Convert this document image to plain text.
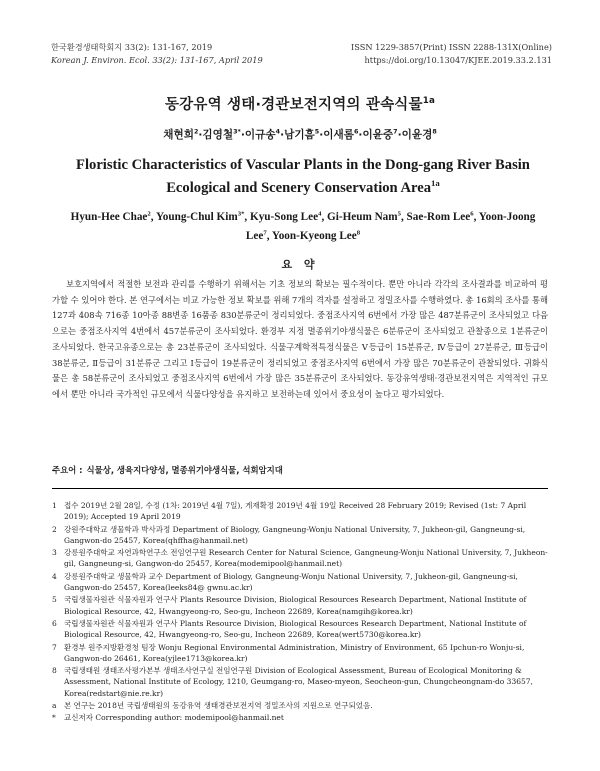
한국환경생태학회지 33(2): 131-167, 2019
Korean J. Environ. Ecol. 33(2): 131-167, April 2019
ISSN 1229-3857(Print) ISSN 2288-131X(Online)
https://doi.org/10.13047/KJEE.2019.33.2.131
동강유역 생태·경관보전지역의 관속식물$^{1a}$
채현희$^2$·김영철$^{3*}$·이규송$^4$·남기흠$^5$·이새롬$^6$·이윤중$^7$·이윤경$^8$
Floristic Characteristics of Vascular Plants in the Dong-gang River Basin Ecological and Scenery Conservation Area$^{1a}$
Hyun-Hee Chae$^2$, Young-Chul Kim$^{3*}$, Kyu-Song Lee$^4$, Gi-Heum Nam$^5$, Sae-Rom Lee$^6$, Yoon-Joong Lee$^7$, Yoon-Kyeong Lee$^8$
요 약
보호지역에서 적절한 보전과 관리를 수행하기 위해서는 기초 정보의 확보는 필수적이다. 뿐만 아니라 각각의 조사결과를 비교하여 평가할 수 있어야 한다. 본 연구에서는 비교 가능한 정보 확보를 위해 7개의 격자를 설정하고 정밀조사를 수행하였다. 총 16회의 조사를 통해 127과 408속 716종 10아종 88변종 16품종 830분류군이 정리되었다. 중점조사지역 6번에서 가장 많은 487분류군이 조사되었고 다음으로는 중점조사지역 4번에서 457분류군이 조사되었다. 환경부 지정 멸종위기야생식물은 6분류군이 조사되었고 관찰종으로 1분류군이 조사되었다. 한국고유종으로는 총 23분류군이 조사되었다. 식물구계학적특정식물은 Ⅴ등급이 15분류군, Ⅳ등급이 27분류군, Ⅲ등급이 38분류군, Ⅱ등급이 31분류군 그리고 Ⅰ등급이 19분류군이 정리되었고 중점조사지역 6번에서 가장 많은 70분류군이 관찰되었다. 귀화식물은 총 58분류군이 조사되었고 중점조사지역 6번에서 가장 많은 35분류군이 조사되었다. 동강유역생태·경관보전지역은 지역적인 규모에서 뿐만 아니라 국가적인 규모에서 식물다양성을 유지하고 보전하는데 있어서 중요성이 높다고 평가되었다.
주요어 : 식물상, 생육지다양성, 멸종위기야생식물, 석회암지대
1 접수 2019년 2월 28일, 수정 (1차: 2019년 4월 7일), 게재확정 2019년 4월 19일 Received 28 February 2019; Revised (1st: 7 April 2019); Accepted 19 April 2019
2 강원주대학교 생물학과 박사과정 Department of Biology, Gangneung-Wonju National University, 7, Jukheon-gil, Gangneung-si, Gangwon-do 25457, Korea(qhffha@hanmail.net)
3 강릉원주대학교 자연과학연구소 전임연구원 Research Center for Natural Science, Gangneung-Wonju National University, 7, Jukheon-gil, Gangneung-si, Gangwon-do 25457, Korea(modemipool@hanmail.net)
4 강릉원주대학교 생물학과 교수 Department of Biology, Gangneung-Wonju National University, 7, Jukheon-gil, Gangneung-si, Gangwon-do 25457, Korea(leeks84@ gwnu.ac.kr)
5 국립생물자원관 식물자원과 연구사 Plants Resource Division, Biological Resources Research Department, National Institute of Biological Resource, 42, Hwangyeong-ro, Seo-gu, Incheon 22689, Korea(namgih@korea.kr)
6 국립생물자원관 식물자원과 연구사 Plants Resource Division, Biological Resources Research Department, National Institute of Biological Resource, 42, Hwangyeong-ro, Seo-gu, Incheon 22689, Korea(wert5730@korea.kr)
7 환경부 원주지방환경청 팀장 Wonju Regional Environmental Administration, Ministry of Environment, 65 Ipchun-ro Wonju-si, Gangwon-do 26461, Korea(yjlee1713@korea.kr)
8 국립생태원 생태조사평가본부 생태조사연구실 전임연구원 Division of Ecological Assessment, Bureau of Ecological Monitoring & Assessment, National Institute of Ecology, 1210, Geumgang-ro, Maseo-myeon, Seocheon-gun, Chungcheongnam-do 33657, Korea(redstart@nie.re.kr)
a	본 연구는 2018년 국립생태원의 동강유역 생태경관보전지역 정밀조사의 지원으로 연구되었음.
*	교신저자 Corresponding author: modemipool@hanmail.net
